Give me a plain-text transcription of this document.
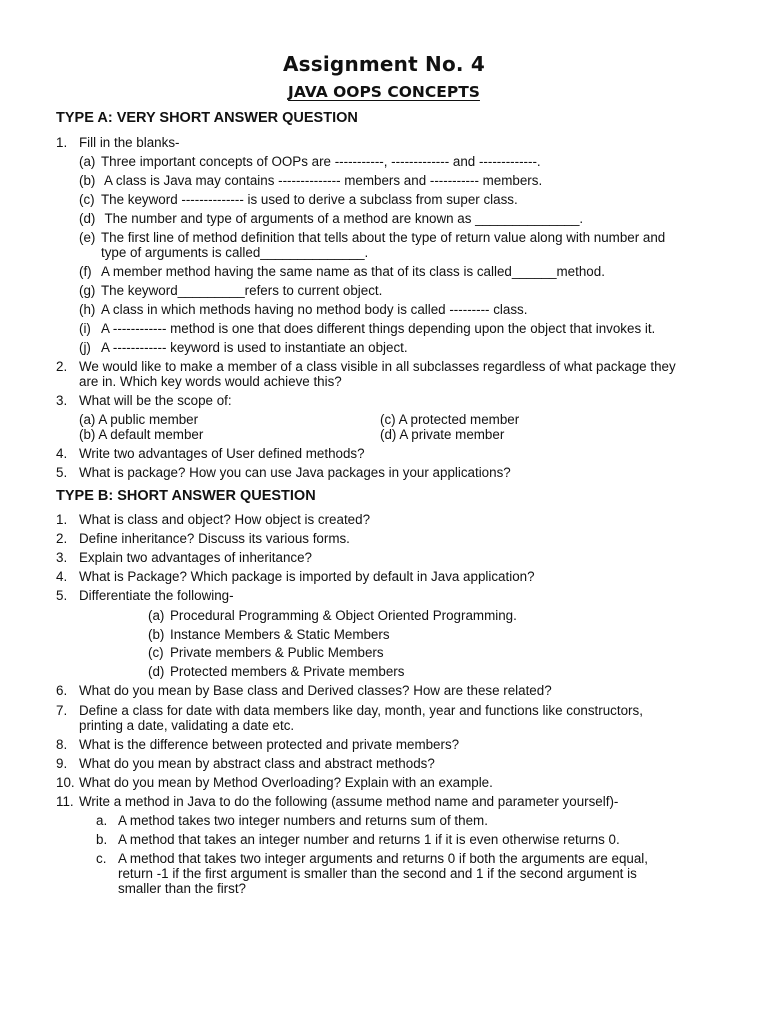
Assignment No. 4
JAVA OOPS CONCEPTS
TYPE A: VERY SHORT ANSWER QUESTION
1. Fill in the blanks-
(a) Three important concepts of OOPs are -----------, ------------- and -------------.
(b) A class is Java may contains -------------- members and ----------- members.
(c) The keyword -------------- is used to derive a subclass from super class.
(d) The number and type of arguments of a method are known as ______________.
(e) The first line of method definition that tells about the type of return value along with number and
type of arguments is called______________.
(f) A member method having the same name as that of its class is called______method.
(g) The keyword_________refers to current object.
(h) A class in which methods having no method body is called --------- class.
(i) A ------------ method is one that does different things depending upon the object that invokes it.
(j) A ------------ keyword is used to instantiate an object.
2. We would like to make a member of a class visible in all subclasses regardless of what package they
are in. Which key words would achieve this?
3. What will be the scope of:
(a) A public member	(c) A protected member
(b) A default member	(d) A private member
4. Write two advantages of User defined methods?
5. What is package? How you can use Java packages in your applications?
TYPE B: SHORT ANSWER QUESTION
1. What is class and object? How object is created?
2. Define inheritance? Discuss its various forms.
3. Explain two advantages of inheritance?
4. What is Package? Which package is imported by default in Java application?
5. Differentiate the following-
(a) Procedural Programming & Object Oriented Programming.
(b) Instance Members & Static Members
(c) Private members & Public Members
(d) Protected members & Private members
6. What do you mean by Base class and Derived classes? How are these related?
7. Define a class for date with data members like day, month, year and functions like constructors,
printing a date, validating a date etc.
8. What is the difference between protected and private members?
9. What do you mean by abstract class and abstract methods?
10. What do you mean by Method Overloading? Explain with an example.
11. Write a method in Java to do the following (assume method name and parameter yourself)-
a. A method takes two integer numbers and returns sum of them.
b. A method that takes an integer number and returns 1 if it is even otherwise returns 0.
c. A method that takes two integer arguments and returns 0 if both the arguments are equal,
return -1 if the first argument is smaller than the second and 1 if the second argument is
smaller than the first?
